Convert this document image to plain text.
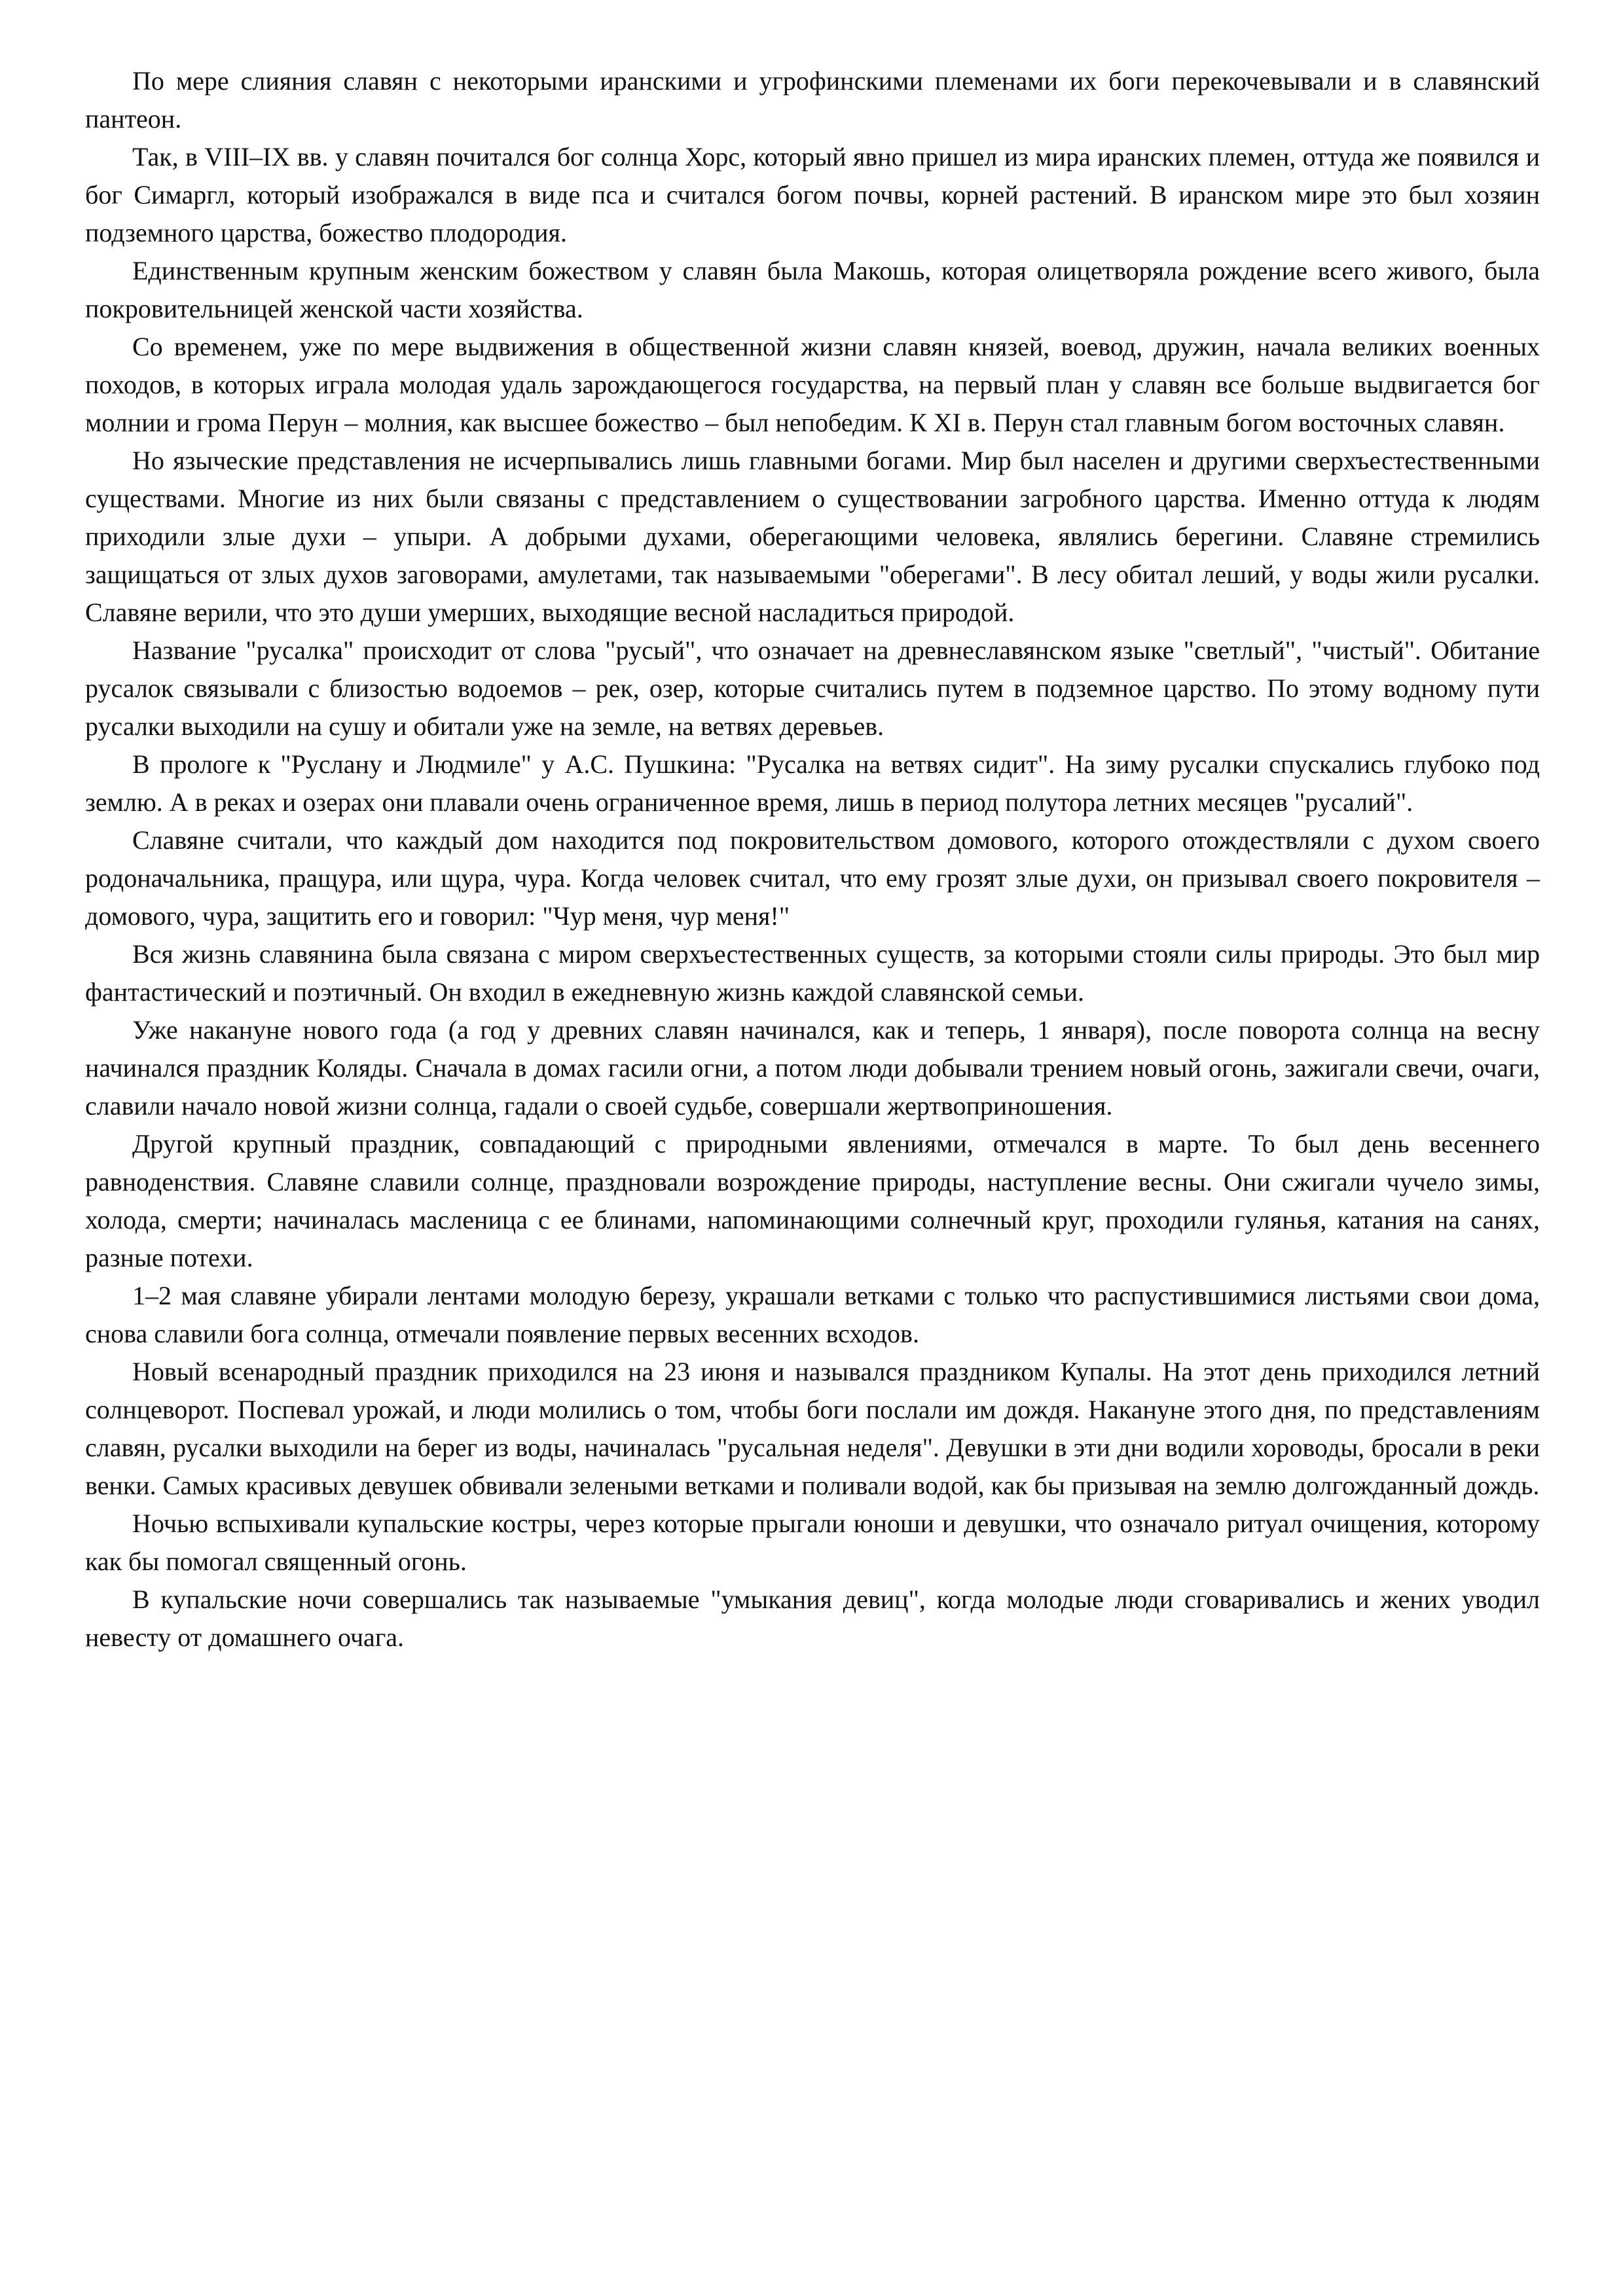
По мере слияния славян с некоторыми иранскими и угрофинскими племенами их боги перекочевывали и в славянский пантеон.

Так, в VIII–IX вв. у славян почитался бог солнца Хорс, который явно пришел из мира иранских племен, оттуда же появился и бог Симаргл, который изображался в виде пса и считался богом почвы, корней растений. В иранском мире это был хозяин подземного царства, божество плодородия.

Единственным крупным женским божеством у славян была Макошь, которая олицетворяла рождение всего живого, была покровительницей женской части хозяйства.

Со временем, уже по мере выдвижения в общественной жизни славян князей, воевод, дружин, начала великих военных походов, в которых играла молодая удаль зарождающегося государства, на первый план у славян все больше выдвигается бог молнии и грома Перун – молния, как высшее божество – был непобедим. К XI в. Перун стал главным богом восточных славян.

Но языческие представления не исчерпывались лишь главными богами. Мир был населен и другими сверхъестественными существами. Многие из них были связаны с представлением о существовании загробного царства. Именно оттуда к людям приходили злые духи – упыри. А добрыми духами, оберегающими человека, являлись берегини. Славяне стремились защищаться от злых духов заговорами, амулетами, так называемыми "оберегами". В лесу обитал леший, у воды жили русалки. Славяне верили, что это души умерших, выходящие весной насладиться природой.

Название "русалка" происходит от слова "русый", что означает на древнеславянском языке "светлый", "чистый". Обитание русалок связывали с близостью водоемов – рек, озер, которые считались путем в подземное царство. По этому водному пути русалки выходили на сушу и обитали уже на земле, на ветвях деревьев.

В прологе к "Руслану и Людмиле" у А.С. Пушкина: "Русалка на ветвях сидит". На зиму русалки спускались глубоко под землю. А в реках и озерах они плавали очень ограниченное время, лишь в период полутора летних месяцев "русалий".

Славяне считали, что каждый дом находится под покровительством домового, которого отождествляли с духом своего родоначальника, пращура, или щура, чура. Когда человек считал, что ему грозят злые духи, он призывал своего покровителя – домового, чура, защитить его и говорил: "Чур меня, чур меня!"

Вся жизнь славянина была связана с миром сверхъестественных существ, за которыми стояли силы природы. Это был мир фантастический и поэтичный. Он входил в ежедневную жизнь каждой славянской семьи.

Уже накануне нового года (а год у древних славян начинался, как и теперь, 1 января), после поворота солнца на весну начинался праздник Коляды. Сначала в домах гасили огни, а потом люди добывали трением новый огонь, зажигали свечи, очаги, славили начало новой жизни солнца, гадали о своей судьбе, совершали жертвоприношения.

Другой крупный праздник, совпадающий с природными явлениями, отмечался в марте. То был день весеннего равноденствия. Славяне славили солнце, праздновали возрождение природы, наступление весны. Они сжигали чучело зимы, холода, смерти; начиналась масленица с ее блинами, напоминающими солнечный круг, проходили гулянья, катания на санях, разные потехи.

1–2 мая славяне убирали лентами молодую березу, украшали ветками с только что распустившимися листьями свои дома, снова славили бога солнца, отмечали появление первых весенних всходов.

Новый всенародный праздник приходился на 23 июня и назывался праздником Купалы. На этот день приходился летний солнцеворот. Поспевал урожай, и люди молились о том, чтобы боги послали им дождя. Накануне этого дня, по представлениям славян, русалки выходили на берег из воды, начиналась "русальная неделя". Девушки в эти дни водили хороводы, бросали в реки венки. Самых красивых девушек обвивали зелеными ветками и поливали водой, как бы призывая на землю долгожданный дождь.

Ночью вспыхивали купальские костры, через которые прыгали юноши и девушки, что означало ритуал очищения, которому как бы помогал священный огонь.

В купальские ночи совершались так называемые "умыкания девиц", когда молодые люди сговаривались и жених уводил невесту от домашнего очага.
